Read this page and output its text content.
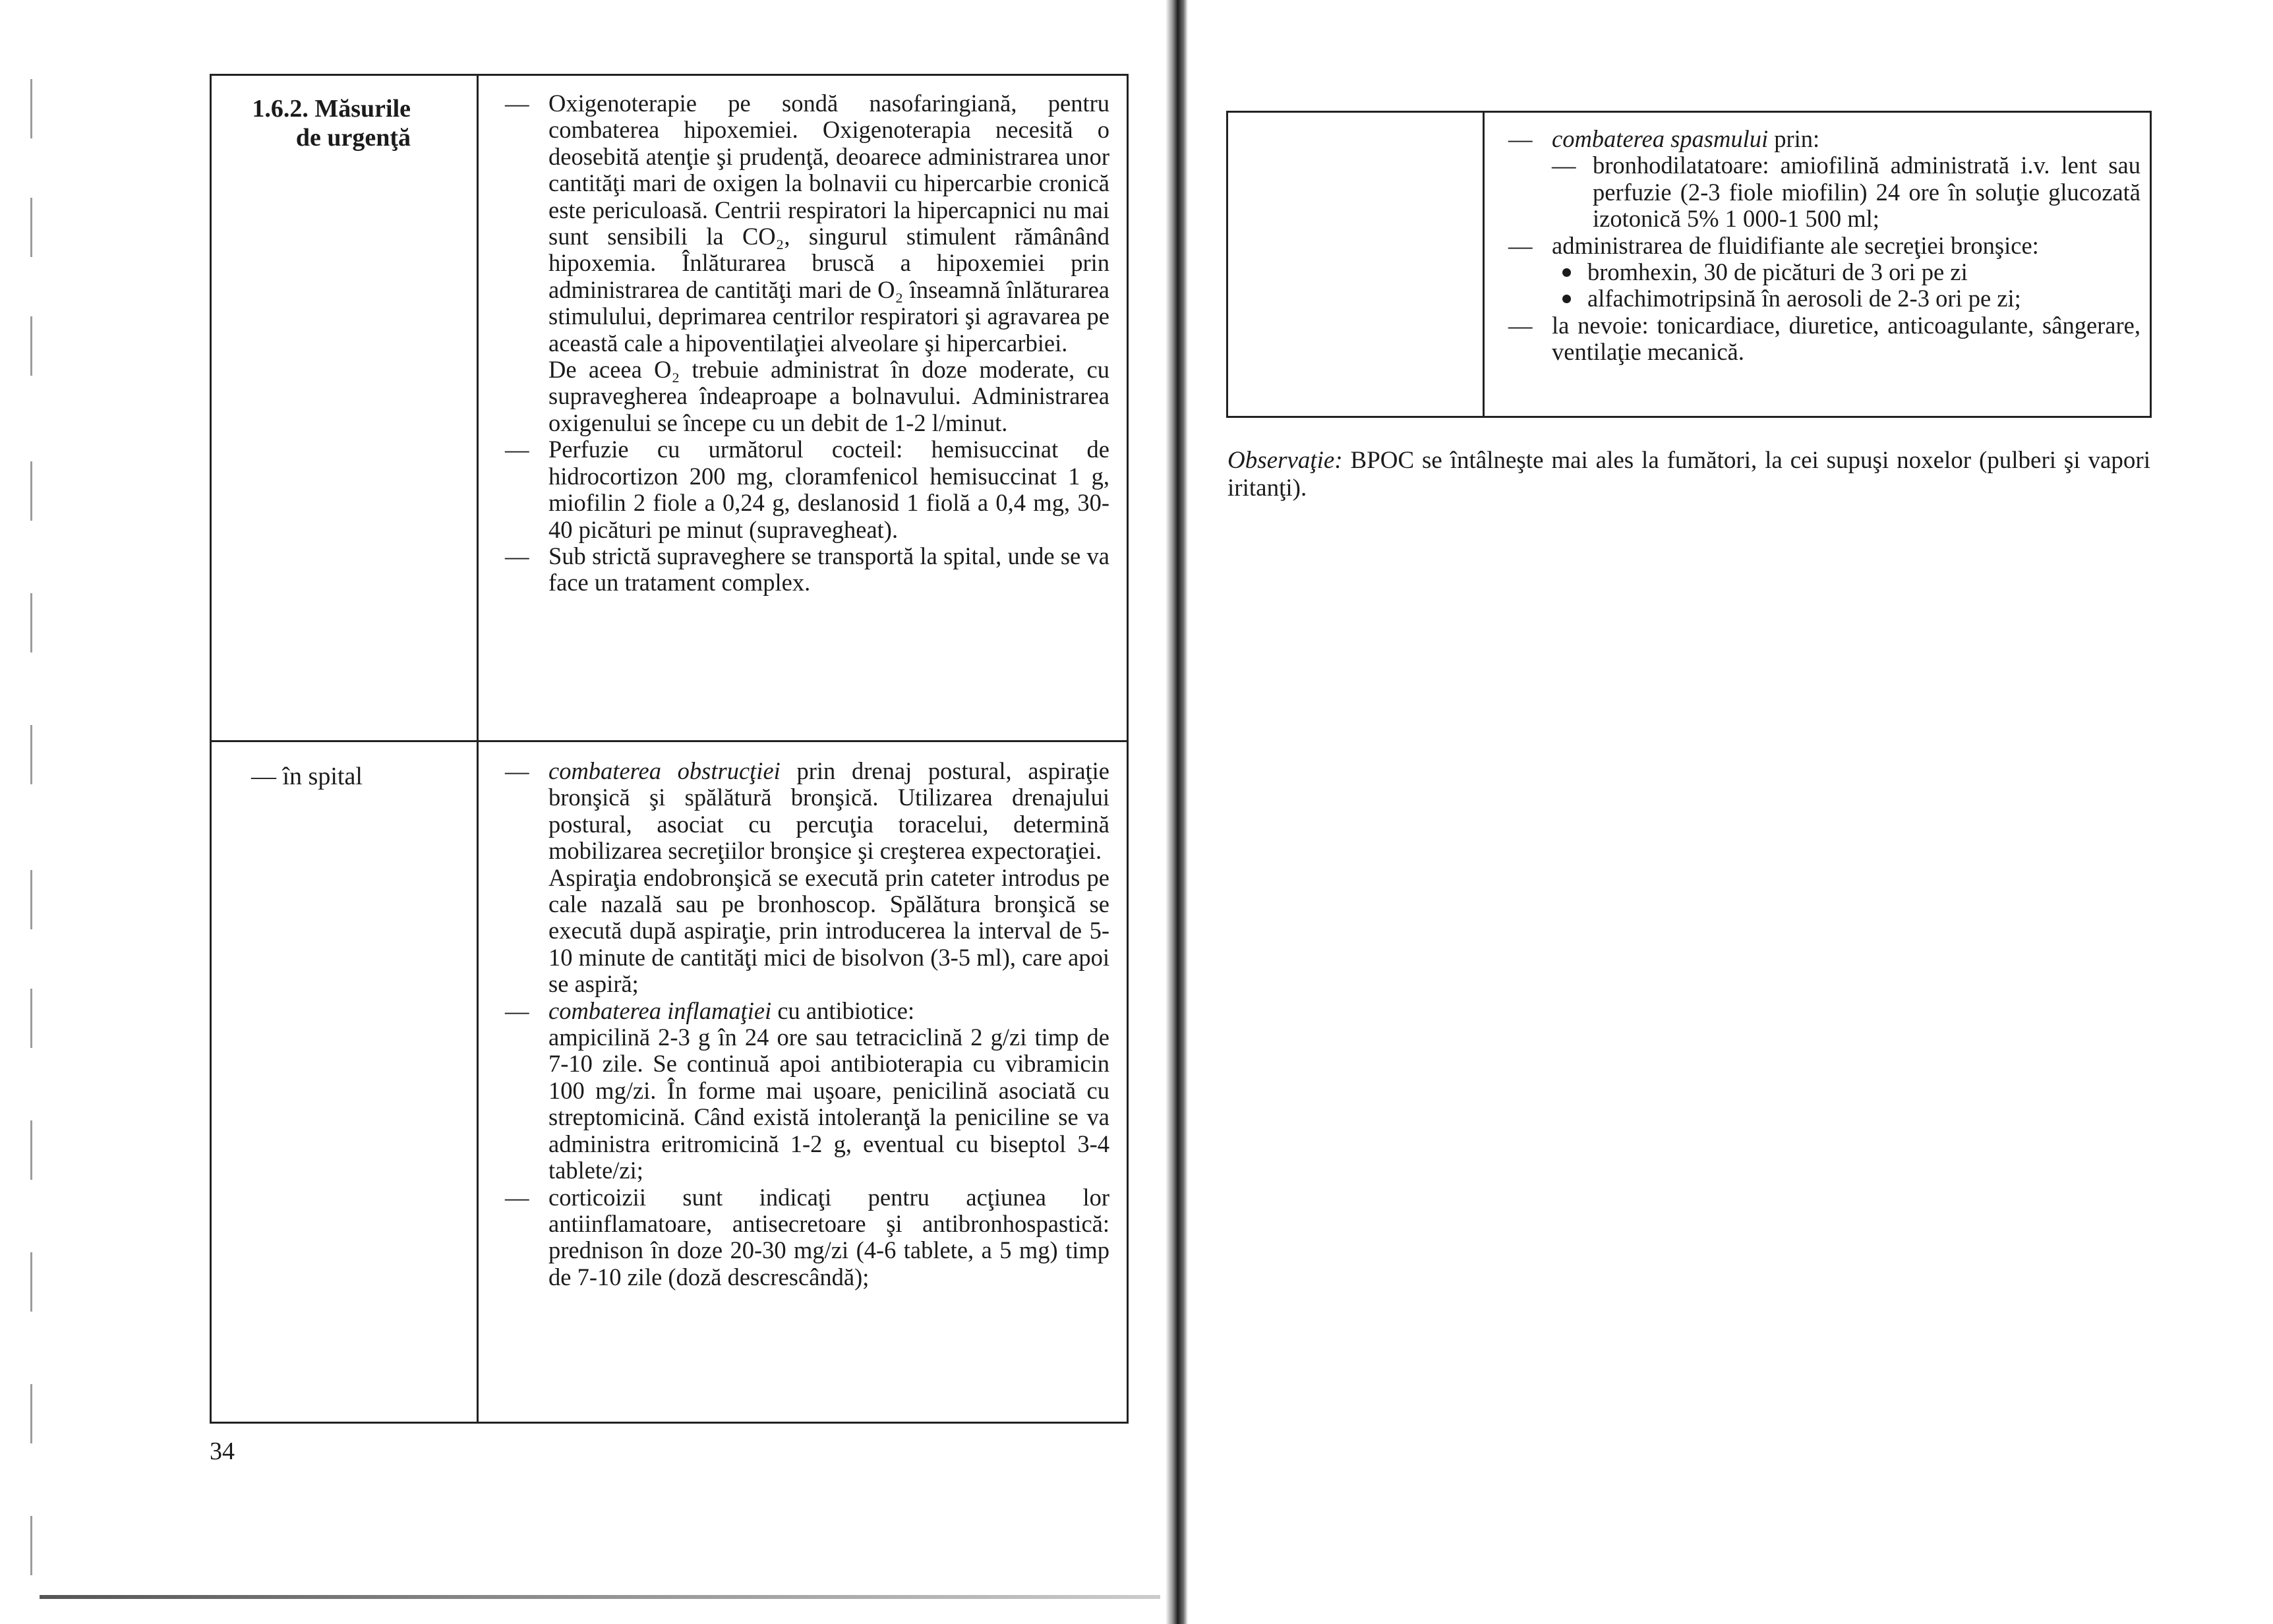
1.6.2. Măsurile
de urgenţă
— Oxigenoterapie pe sondă nasofaringiană, pentru combaterea hipoxemiei. Oxigenoterapia necesită o deosebită atenţie şi prudenţă, deoarece administrarea unor cantităţi mari de oxigen la bolnavii cu hipercarbie cronică este periculoasă. Centrii respiratori la hipercapnici nu mai sunt sensibili la CO₂, singurul stimulent rămânând hipoxemia. Înlăturarea bruscă a hipoxemiei prin administrarea de cantităţi mari de O₂ înseamnă înlăturarea stimulului, deprimarea centrilor respiratori şi agravarea pe această cale a hipoventilaţiei alveolare şi hipercarbiei.
De aceea O₂ trebuie administrat în doze moderate, cu supravegherea îndeaproape a bolnavului. Administrarea oxigenului se începe cu un debit de 1-2 l/minut.
— Perfuzie cu următorul cocteil: hemisuccinat de hidrocortizon 200 mg, cloramfenicol hemisuccinat 1 g, miofilin 2 fiole a 0,24 g, deslanosid 1 fiolă a 0,4 mg, 30-40 picături pe minut (supravegheat).
— Sub strictă supraveghere se transportă la spital, unde se va face un tratament complex.
— în spital	— combaterea obstrucţiei prin drenaj postural, aspiraţie bronşică şi spălătură bronşică. Utilizarea drenajului postural, asociat cu percuţia toracelui, determină mobilizarea secreţiilor bronşice şi creşterea expectoraţiei.
Aspiraţia endobronşică se execută prin cateter introdus pe cale nazală sau pe bronhoscop. Spălătura bronşică se execută după aspiraţie, prin introducerea la interval de 5-10 minute de cantităţi mici de bisolvon (3-5 ml), care apoi se aspiră;
— combaterea inflamaţiei cu antibiotice:
ampicilină 2-3 g în 24 ore sau tetraciclină 2 g/zi timp de 7-10 zile. Se continuă apoi antibioterapia cu vibramicin 100 mg/zi. În forme mai uşoare, penicilină asociată cu streptomicină. Când există intoleranţă la peniciline se va administra eritromicină 1-2 g, eventual cu biseptol 3-4 tablete/zi;
— corticoizii sunt indicaţi pentru acţiunea lor antiinflamatoare, antisecretoare şi antibronhospastică: prednison în doze 20-30 mg/zi (4-6 tablete, a 5 mg) timp de 7-10 zile (doză descrescândă);
34
— combaterea spasmului prin:
— bronhodilatatoare: amiofilină administrată i.v. lent sau perfuzie (2-3 fiole miofilin) 24 ore în soluţie glucozată izotonică 5% 1 000-1 500 ml;
— administrarea de fluidifiante ale secreţiei bronşice:
bromhexin, 30 de picături de 3 ori pe zi
alfachimotripsină în aerosoli de 2-3 ori pe zi;
— la nevoie: tonicardiace, diuretice, anticoagulante, sângerare, ventilaţie mecanică.
Observaţie: BPOC se întâlneşte mai ales la fumători, la cei supuşi noxelor (pulberi şi vapori iritanţi).
